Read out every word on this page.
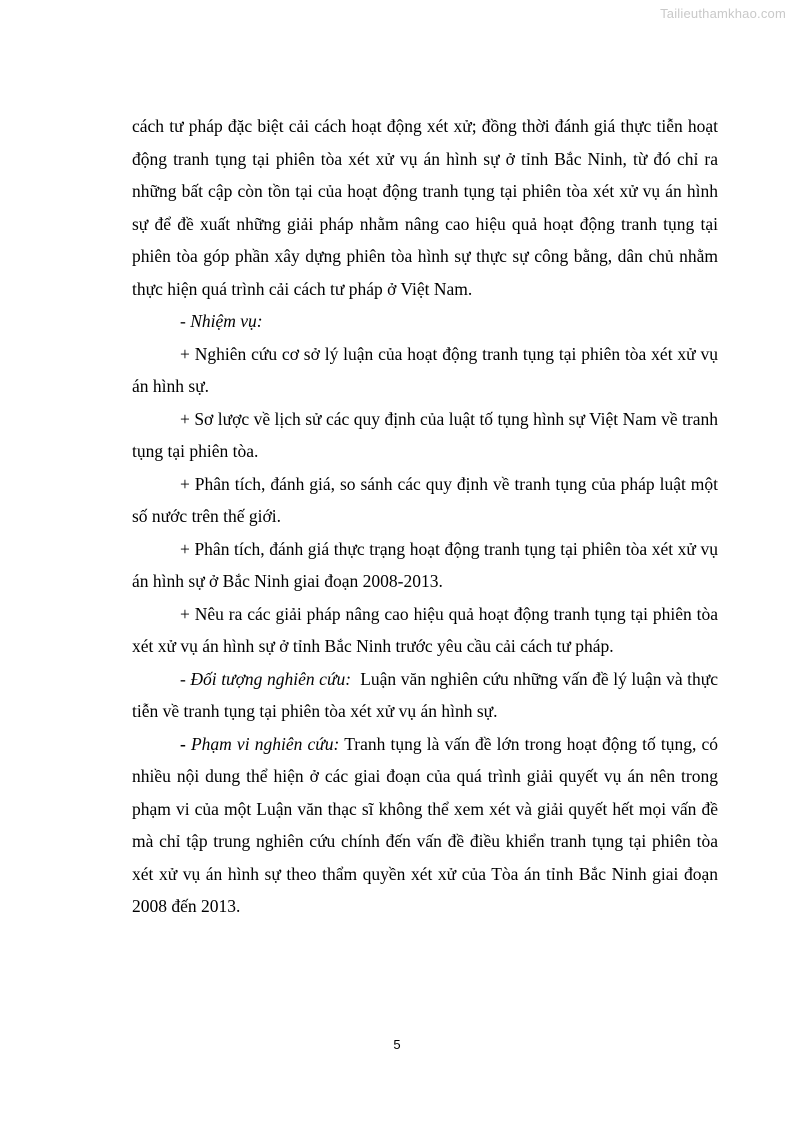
Tailieuthamkhao.com

cách tư pháp đặc biệt cải cách hoạt động xét xử; đồng thời đánh giá thực tiễn hoạt động tranh tụng tại phiên tòa xét xử vụ án hình sự ở tỉnh Bắc Ninh, từ đó chỉ ra những bất cập còn tồn tại của hoạt động tranh tụng tại phiên tòa xét xử vụ án hình sự để đề xuất những giải pháp nhằm nâng cao hiệu quả hoạt động tranh tụng tại phiên tòa góp phần xây dựng phiên tòa hình sự thực sự công bằng, dân chủ nhằm thực hiện quá trình cải cách tư pháp ở Việt Nam.

- Nhiệm vụ:

+ Nghiên cứu cơ sở lý luận của hoạt động tranh tụng tại phiên tòa xét xử vụ án hình sự.

+ Sơ lược về lịch sử các quy định của luật tố tụng hình sự Việt Nam về tranh tụng tại phiên tòa.

+ Phân tích, đánh giá, so sánh các quy định về tranh tụng của pháp luật một số nước trên thế giới.

+ Phân tích, đánh giá thực trạng hoạt động tranh tụng tại phiên tòa xét xử vụ án hình sự ở Bắc Ninh giai đoạn 2008-2013.

+ Nêu ra các giải pháp nâng cao hiệu quả hoạt động tranh tụng tại phiên tòa xét xử vụ án hình sự ở tỉnh Bắc Ninh trước yêu cầu cải cách tư pháp.

- Đối tượng nghiên cứu: Luận văn nghiên cứu những vấn đề lý luận và thực tiễn về tranh tụng tại phiên tòa xét xử vụ án hình sự.

- Phạm vi nghiên cứu: Tranh tụng là vấn đề lớn trong hoạt động tố tụng, có nhiều nội dung thể hiện ở các giai đoạn của quá trình giải quyết vụ án nên trong phạm vi của một Luận văn thạc sĩ không thể xem xét và giải quyết hết mọi vấn đề mà chỉ tập trung nghiên cứu chính đến vấn đề điều khiển tranh tụng tại phiên tòa xét xử vụ án hình sự theo thẩm quyền xét xử của Tòa án tỉnh Bắc Ninh giai đoạn 2008 đến 2013.

5
